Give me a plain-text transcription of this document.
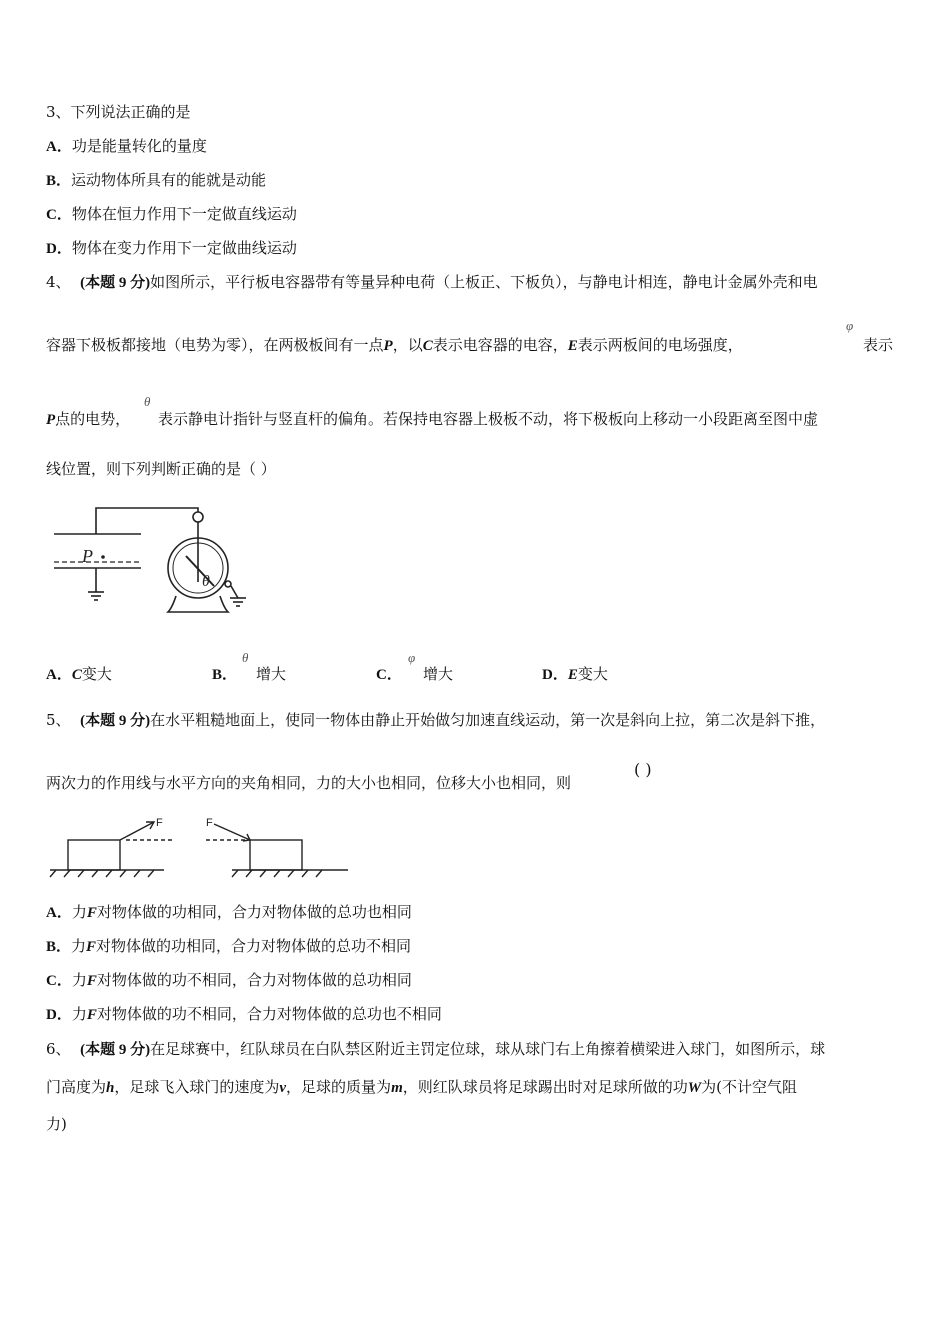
3、下列说法正确的是
A．功是能量转化的量度
B．运动物体所具有的能就是动能
C．物体在恒力作用下一定做直线运动
D．物体在变力作用下一定做曲线运动
4、 (本题 9 分)如图所示，平行板电容器带有等量异种电荷（上板正、下板负），与静电计相连，静电计金属外壳和电
容器下极板都接地（电势为零），在两极板间有一点P，以C表示电容器的电容，E表示两板间的电场强度，
φ
表示
P点的电势，
θ
表示静电计指针与竖直杆的偏角。若保持电容器上极板不动，将下极板向上移动一小段距离至图中虚
线位置，则下列判断正确的是（ ）
P
θ
A．C变大	B．
θ
增大	C．
φ
增大	D．E变大
5、 (本题 9 分)在水平粗糙地面上，使同一物体由静止开始做匀加速直线运动，第一次是斜向上拉，第二次是斜下推，
两次力的作用线与水平方向的夹角相同，力的大小也相同，位移大小也相同，则
( )
F	F
A．力F对物体做的功相同，合力对物体做的总功也相同
B．力F对物体做的功相同，合力对物体做的总功不相同
C．力F对物体做的功不相同，合力对物体做的总功相同
D．力F对物体做的功不相同，合力对物体做的总功也不相同
6、 (本题 9 分)在足球赛中，红队球员在白队禁区附近主罚定位球，球从球门右上角擦着横梁进入球门，如图所示，球
门高度为h，足球飞入球门的速度为v，足球的质量为m，则红队球员将足球踢出时对足球所做的功W为(不计空气阻
力)
